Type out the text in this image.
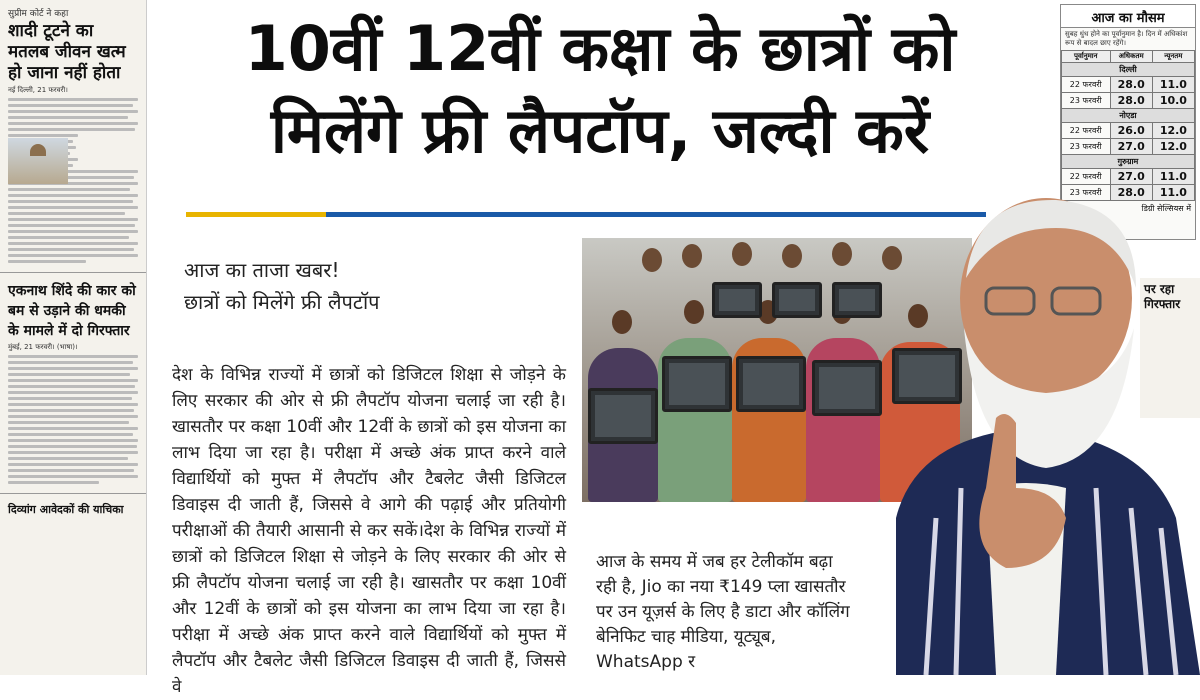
सुप्रीम कोर्ट ने कहा
शादी टूटने का मतलब जीवन खत्म हो जाना नहीं होता
नई दिल्ली, 21 फरवरी।
एकनाथ शिंदे की कार को बम से उड़ाने की धमकी के मामले में दो गिरफ्तार
मुंबई, 21 फरवरी। (भाषा)।
दिव्यांग आवेदकों की याचिका
10वीं 12वीं कक्षा के छात्रों को
मिलेंगे फ्री लैपटॉप, जल्दी करें
आज का मौसम
सुबह धुंध होने का पूर्वानुमान है। दिन में अधिकांश रूप से बादल छाए रहेंगे।
पूर्वानुमान	अधिकतम	न्यूनतम
दिल्ली		
22 फरवरी	28.0	11.0
23 फरवरी	28.0	10.0
नोएडा		
22 फरवरी	26.0	12.0
23 फरवरी	27.0	12.0
गुरुग्राम		
22 फरवरी	27.0	11.0
23 फरवरी	28.0	11.0
डिग्री सेल्सियस में
आज का ताजा खबर!
छात्रों को मिलेंगे फ्री लैपटॉप

देश के विभिन्न राज्यों में छात्रों को डिजिटल शिक्षा से जोड़ने के लिए सरकार की ओर से फ्री लैपटॉप योजना चलाई जा रही है। खासतौर पर कक्षा 10वीं और 12वीं के छात्रों को इस योजना का लाभ दिया जा रहा है। परीक्षा में अच्छे अंक प्राप्त करने वाले विद्यार्थियों को मुफ्त में लैपटॉप और टैबलेट जैसी डिजिटल डिवाइस दी जाती हैं, जिससे वे आगे की पढ़ाई और प्रतियोगी परीक्षाओं की तैयारी आसानी से कर सकें।देश के विभिन्न राज्यों में छात्रों को डिजिटल शिक्षा से जोड़ने के लिए सरकार की ओर से फ्री लैपटॉप योजना चलाई जा रही है। खासतौर पर कक्षा 10वीं और 12वीं के छात्रों को इस योजना का लाभ दिया जा रहा है। परीक्षा में अच्छे अंक प्राप्त करने वाले विद्यार्थियों को मुफ्त में लैपटॉप और टैबलेट जैसी डिजिटल डिवाइस दी जाती हैं, जिससे वे

आज के समय में जब हर टेलीकॉम बढ़ा रही है, Jio का नया ₹149 प्ला खासतौर पर उन यूज़र्स के लिए है डाटा और कॉलिंग बेनिफिट चाह मीडिया, यूट्यूब, WhatsApp र
पर रहा गिरफ्तार
